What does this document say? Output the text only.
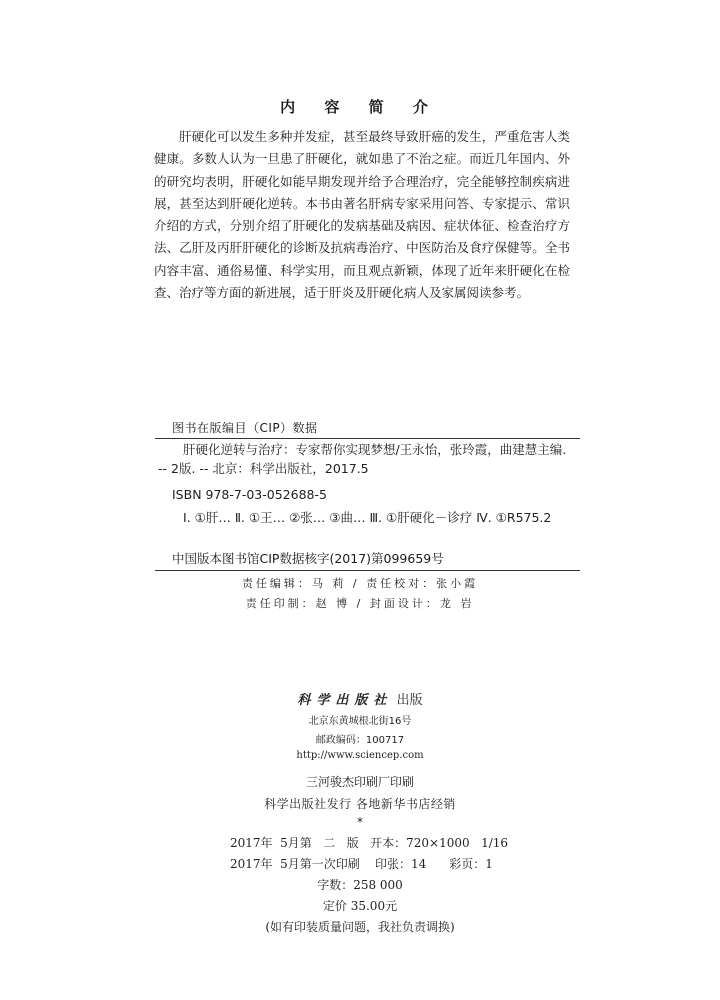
内 容 简 介
肝硬化可以发生多种并发症，甚至最终导致肝癌的发生，严重危害人类健康。多数人认为一旦患了肝硬化，就如患了不治之症。而近几年国内、外的研究均表明，肝硬化如能早期发现并给予合理治疗，完全能够控制疾病进展，甚至达到肝硬化逆转。本书由著名肝病专家采用问答、专家提示、常识介绍的方式，分别介绍了肝硬化的发病基础及病因、症状体征、检查治疗方法、乙肝及丙肝肝硬化的诊断及抗病毒治疗、中医防治及食疗保健等。全书内容丰富、通俗易懂、科学实用，而且观点新颖，体现了近年来肝硬化在检查、治疗等方面的新进展，适于肝炎及肝硬化病人及家属阅读参考。
图书在版编目（CIP）数据
肝硬化逆转与治疗：专家帮你实现梦想/王永怡，张玲霞，曲建慧主编. -- 2版. -- 北京：科学出版社，2017.5
ISBN 978-7-03-052688-5
Ⅰ. ①肝… Ⅱ. ①王… ②张… ③曲… Ⅲ. ①肝硬化－诊疗 Ⅳ. ①R575.2
中国版本图书馆CIP数据核字(2017)第099659号
责任编辑：马 莉 / 责任校对：张小霞
责任印制：赵 博 / 封面设计：龙 岩
科学出版社 出版
北京东黄城根北街16号
邮政编码：100717
http://www.sciencep.com
三河骏杰印刷厂印刷
科学出版社发行 各地新华书店经销
*
2017年  5月第   二   版   开本：720×1000   1/16
2017年  5月第一次印刷    印张：14      彩页：1
字数：258 000
定价 35.00元
(如有印装质量问题，我社负责调换)
